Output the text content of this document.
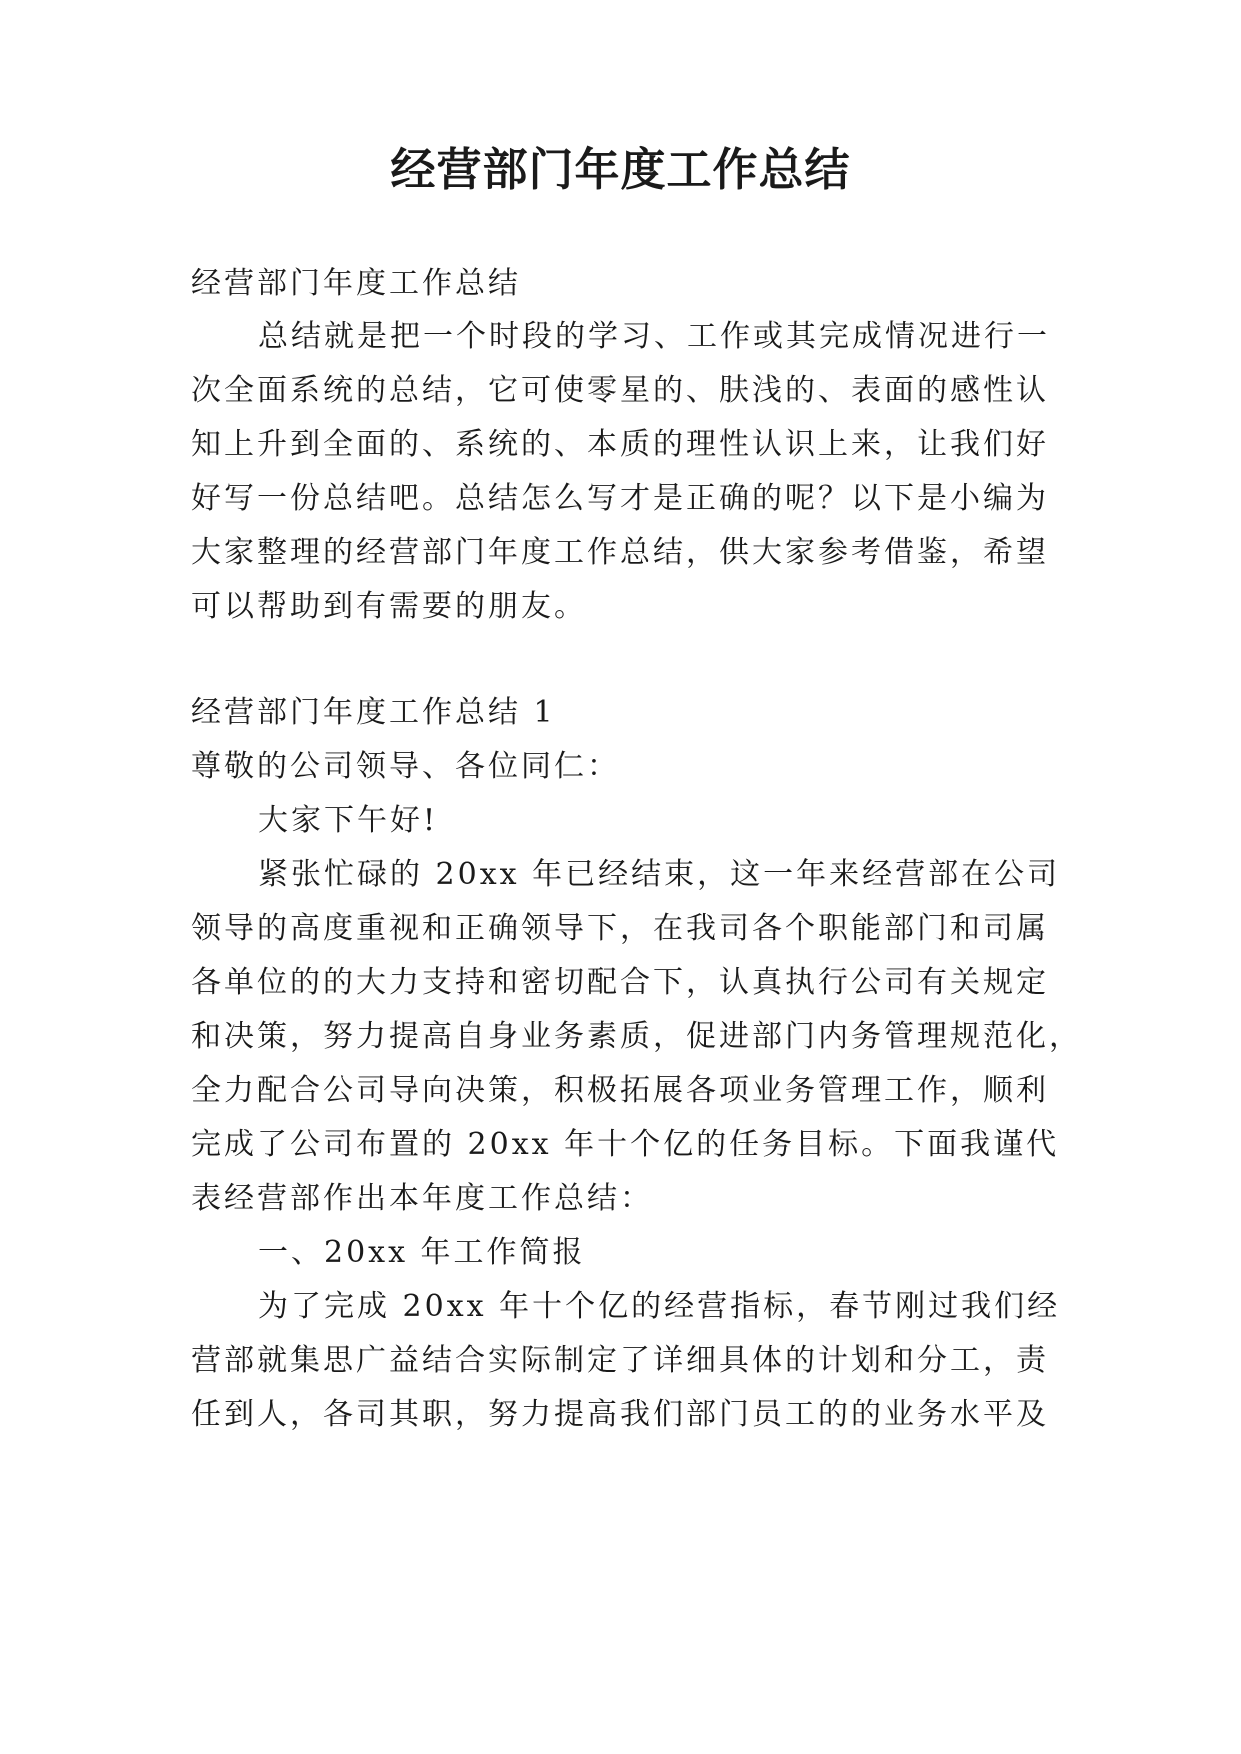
经营部门年度工作总结

经营部门年度工作总结

总结就是把一个时段的学习、工作或其完成情况进行一

次全面系统的总结，它可使零星的、肤浅的、表面的感性认

知上升到全面的、系统的、本质的理性认识上来，让我们好

好写一份总结吧。总结怎么写才是正确的呢？以下是小编为

大家整理的经营部门年度工作总结，供大家参考借鉴，希望

可以帮助到有需要的朋友。

经营部门年度工作总结 1

尊敬的公司领导、各位同仁：

大家下午好!

紧张忙碌的 20xx 年已经结束，这一年来经营部在公司

领导的高度重视和正确领导下，在我司各个职能部门和司属

各单位的的大力支持和密切配合下，认真执行公司有关规定

和决策，努力提高自身业务素质，促进部门内务管理规范化，

全力配合公司导向决策，积极拓展各项业务管理工作，顺利

完成了公司布置的 20xx 年十个亿的任务目标。下面我谨代

表经营部作出本年度工作总结：

一、20xx 年工作简报

为了完成 20xx 年十个亿的经营指标，春节刚过我们经

营部就集思广益结合实际制定了详细具体的计划和分工，责

任到人，各司其职，努力提高我们部门员工的的业务水平及
